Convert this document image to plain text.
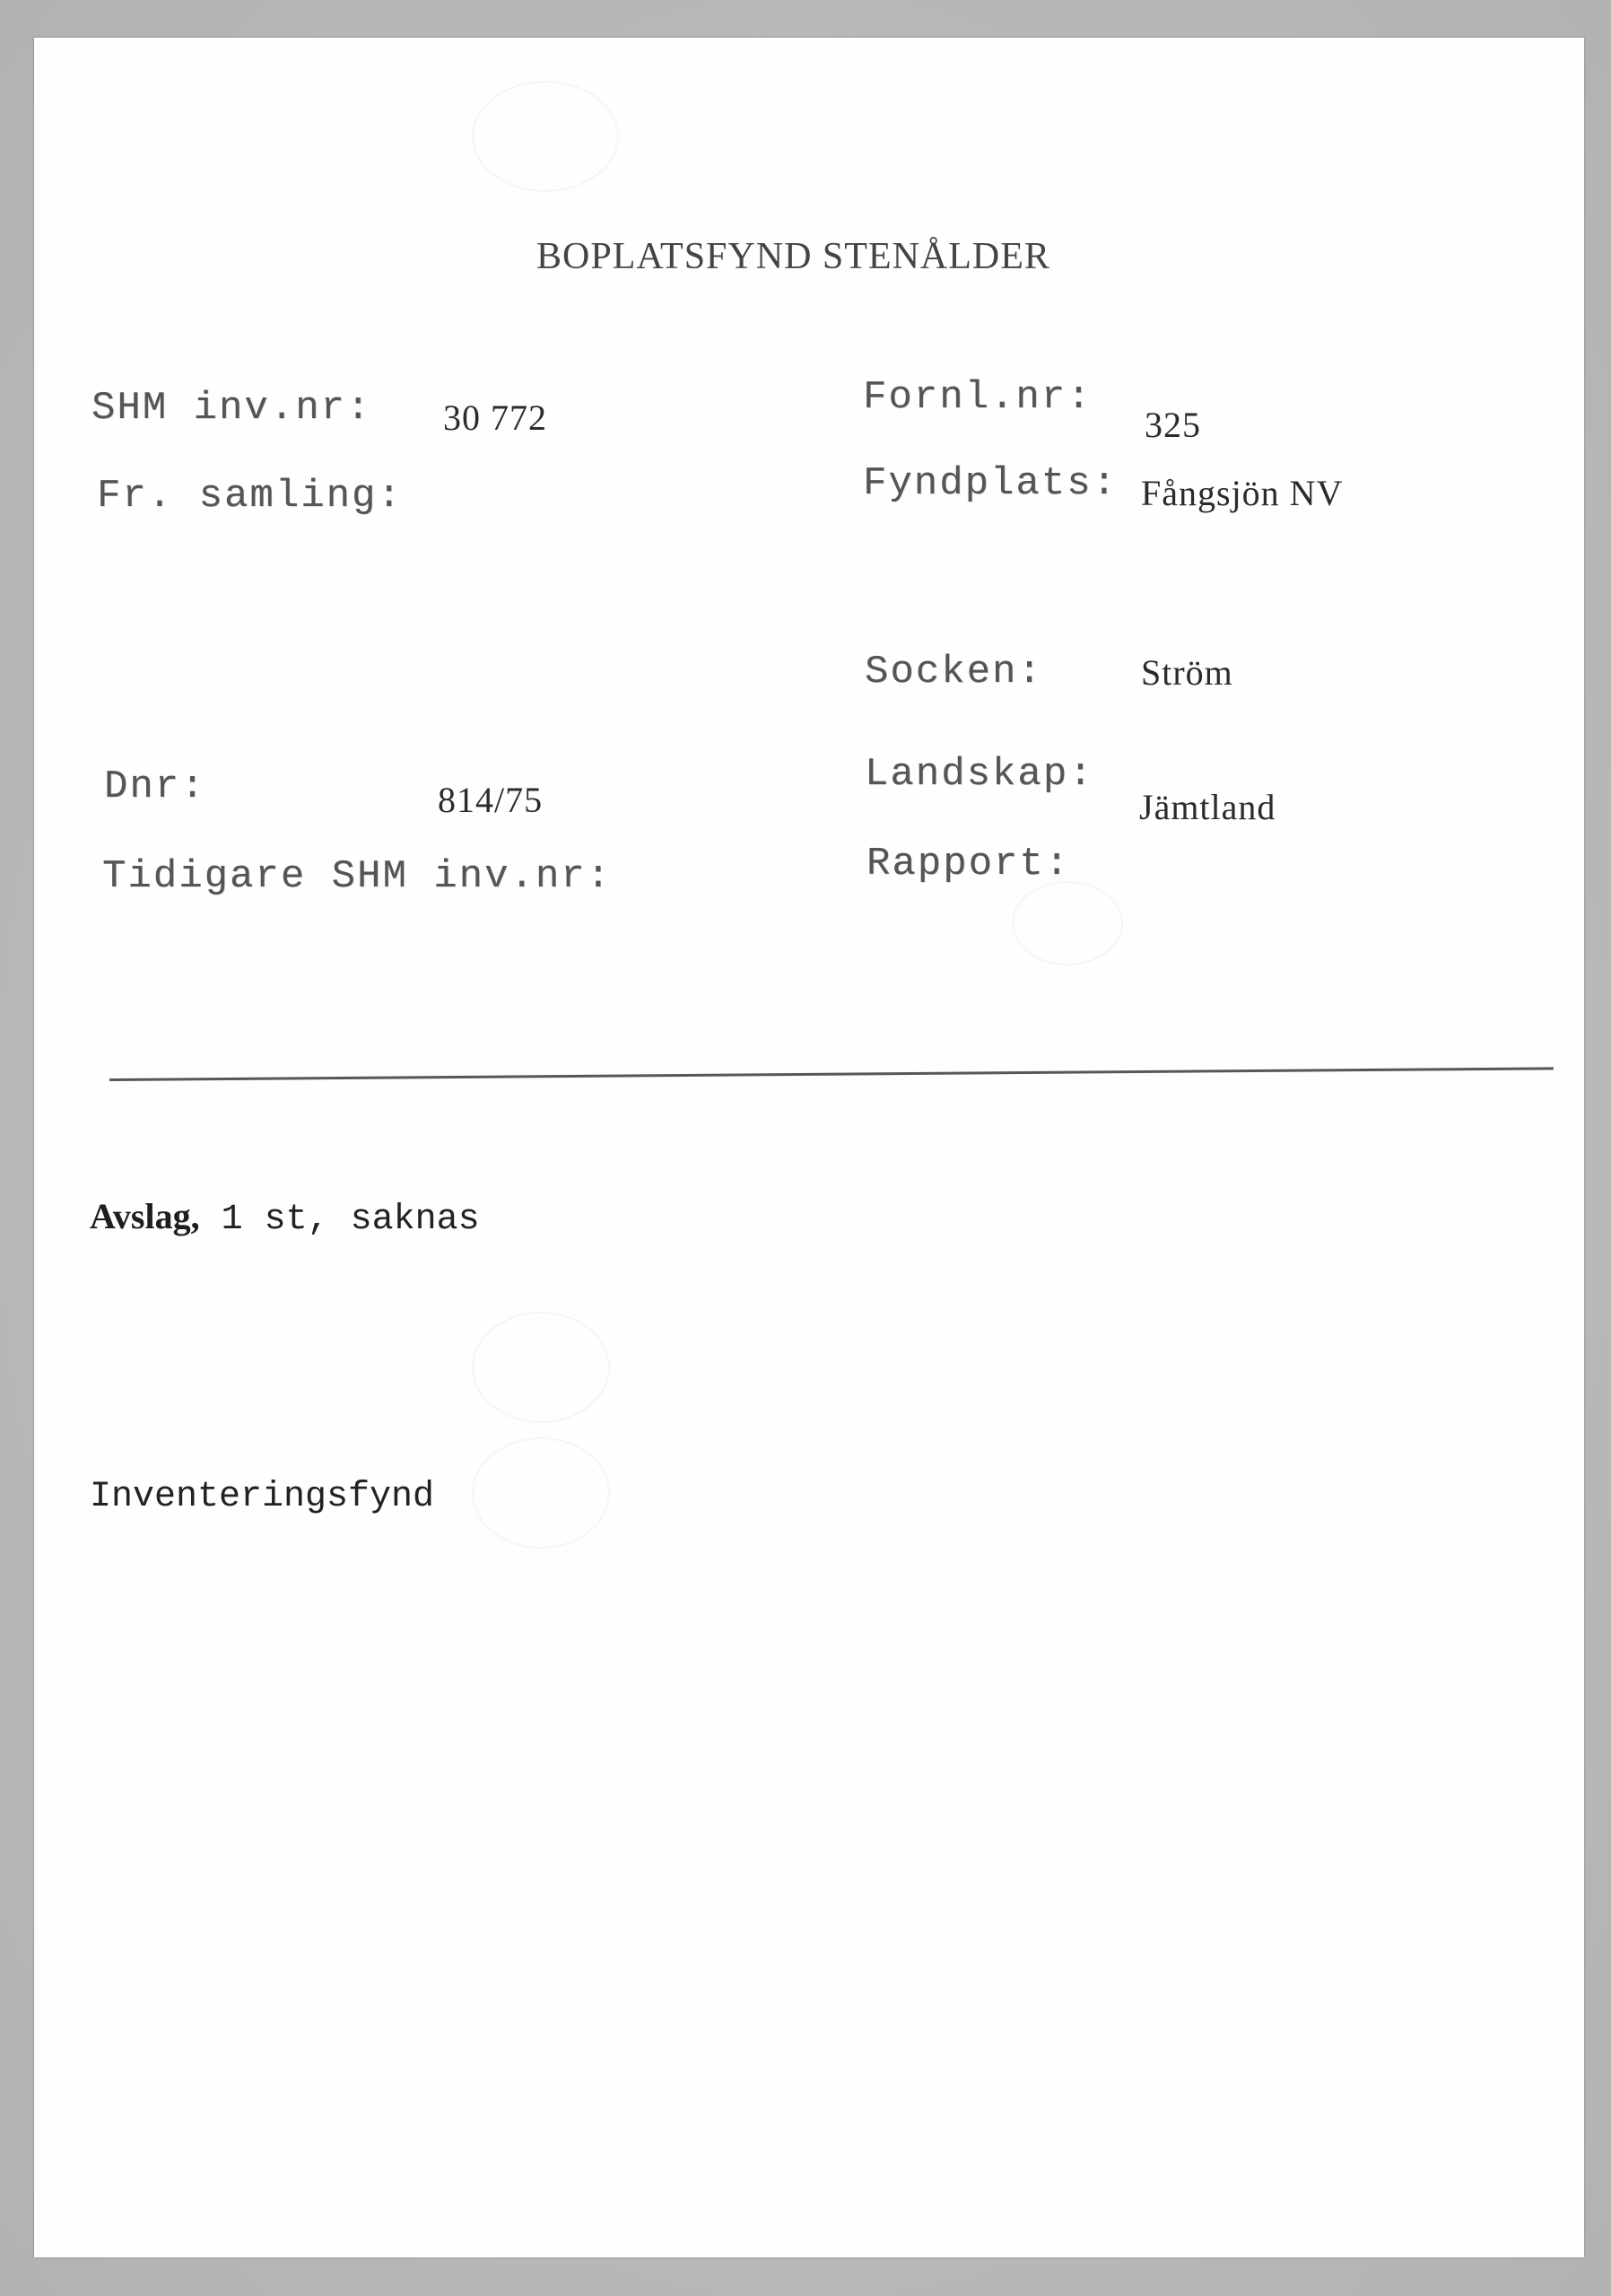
BOPLATSFYND STENÅLDER
SHM inv.nr: 30 772
Fr. samling:
Dnr:	814/75
Tidigare SHM inv.nr:
Fornl.nr:
325
Fyndplats: Fångsjön NV
Socken:	Ström
Landskap:
Jämtland
Rapport:
Avslag, 1 st, saknas
Inventeringsfynd
